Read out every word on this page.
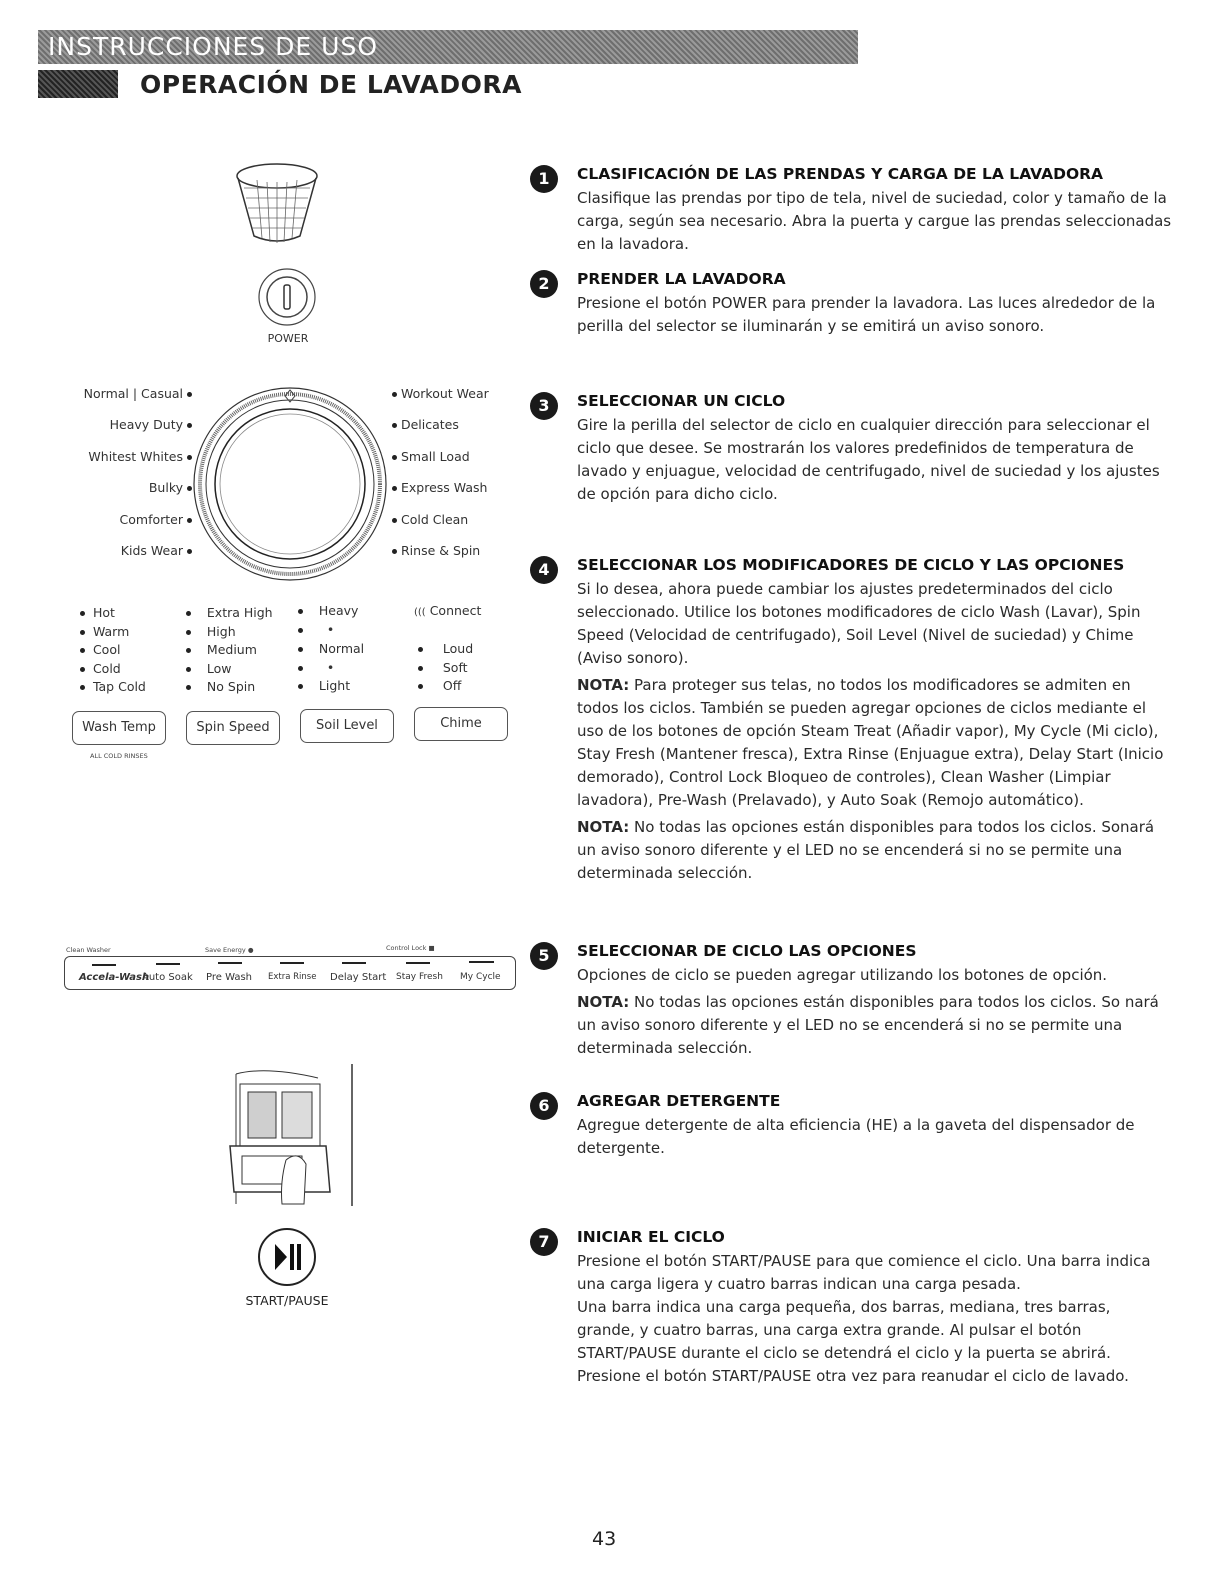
INSTRUCCIONES DE USO
OPERACIÓN DE LAVADORA
POWER
Normal | Casual
Heavy Duty
Whitest Whites
Bulky
Comforter
Kids Wear
Workout Wear
Delicates
Small Load
Express Wash
Cold Clean
Rinse & Spin
Hot
Warm
Cool
Cold
Tap Cold
Extra High
High
Medium
Low
No Spin
Heavy
•
Normal
•
Light
((( Connect
Loud
Soft
Off
Wash Temp	Spin Speed	Soil Level	Chime
ALL COLD RINSES
Clean Washer	Save Energy ●	Control Lock ■
Accela-Wash
Auto Soak Pre Wash Extra Rinse Delay Start Stay Fresh My Cycle
START/PAUSE
1	CLASIFICACIÓN DE LAS PRENDAS Y CARGA DE LA LAVADORA

Clasifique las prendas por tipo de tela, nivel de suciedad, color y tamaño de la carga, según sea necesario. Abra la puerta y cargue las prendas seleccionadas en la lavadora.

2	PRENDER LA LAVADORA

Presione el botón POWER para prender la lavadora. Las luces alrededor de la perilla del selector se iluminarán y se emitirá un aviso sonoro.

3	SELECCIONAR UN CICLO

Gire la perilla del selector de ciclo en cualquier dirección para seleccionar el ciclo que desee. Se mostrarán los valores predefinidos de temperatura de lavado y enjuague, velocidad de centrifugado, nivel de suciedad y los ajustes de opción para dicho ciclo.

4	SELECCIONAR LOS MODIFICADORES DE CICLO Y LAS OPCIONES

Si lo desea, ahora puede cambiar los ajustes predeterminados del ciclo seleccionado. Utilice los botones modificadores de ciclo Wash (Lavar), Spin Speed (Velocidad de centrifugado), Soil Level (Nivel de suciedad) y Chime (Aviso sonoro).

NOTA: Para proteger sus telas, no todos los modificadores se admiten en todos los ciclos. También se pueden agregar opciones de ciclos mediante el uso de los botones de opción Steam Treat (Añadir vapor), My Cycle (Mi ciclo), Stay Fresh (Mantener fresca), Extra Rinse (Enjuague extra), Delay Start (Inicio demorado), Control Lock Bloqueo de controles), Clean Washer (Limpiar lavadora), Pre-Wash (Prelavado), y Auto Soak (Remojo automático).

NOTA: No todas las opciones están disponibles para todos los ciclos. Sonará un aviso sonoro diferente y el LED no se encenderá si no se permite una determinada selección.

5	SELECCIONAR DE CICLO LAS OPCIONES

Opciones de ciclo se pueden agregar utilizando los botones de opción.

NOTA: No todas las opciones están disponibles para todos los ciclos. So nará un aviso sonoro diferente y el LED no se encenderá si no se permite una determinada selección.

6	AGREGAR DETERGENTE

Agregue detergente de alta eficiencia (HE) a la gaveta del dispensador de detergente.

7	INICIAR EL CICLO

Presione el botón START/PAUSE para que comience el ciclo. Una barra indica una carga ligera y cuatro barras indican una carga pesada.

Una barra indica una carga pequeña, dos barras, mediana, tres barras, grande, y cuatro barras, una carga extra grande. Al pulsar el botón START/PAUSE durante el ciclo se detendrá el ciclo y la puerta se abrirá. Presione el botón START/PAUSE otra vez para reanudar el ciclo de lavado.

43
